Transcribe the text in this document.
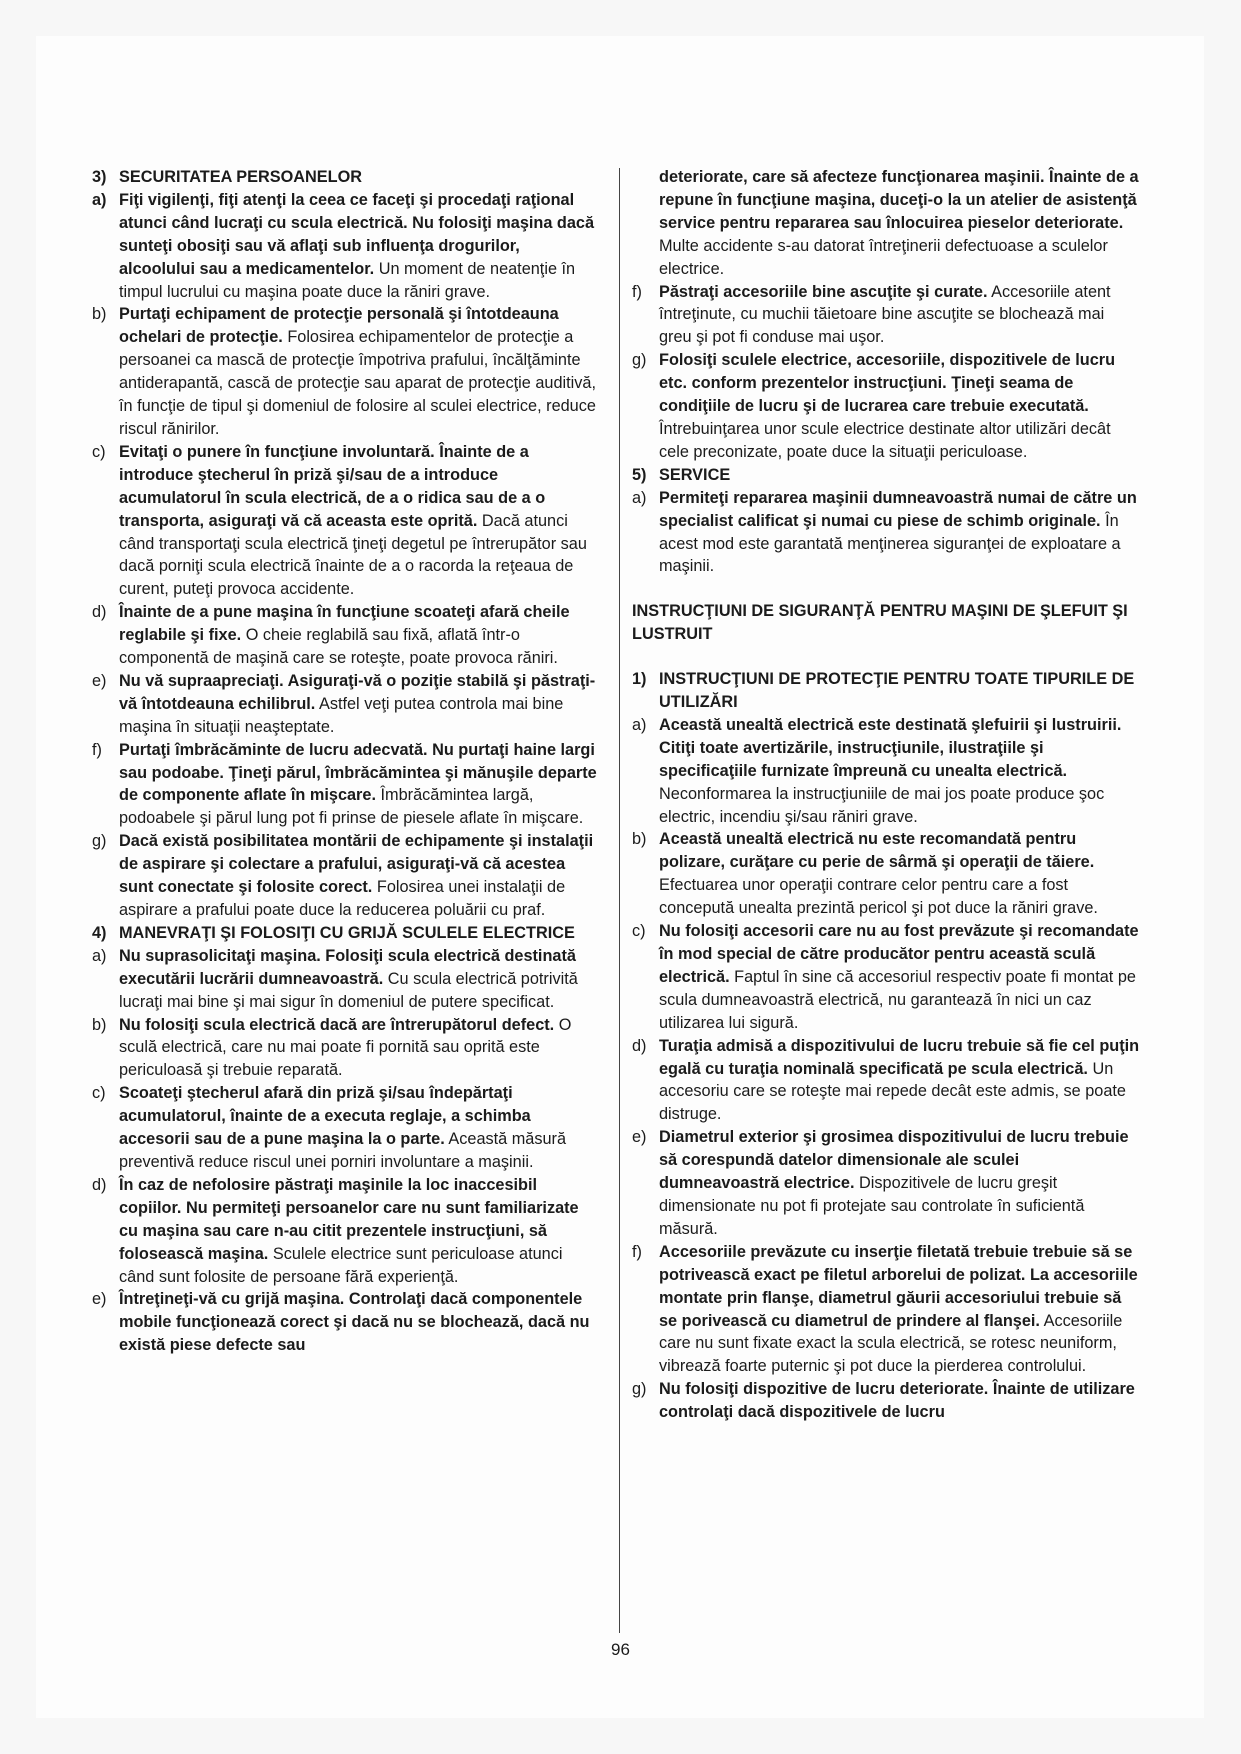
3) SECURITATEA PERSOANELOR
a) Fiţi vigilenţi, fiţi atenţi la ceea ce faceţi şi procedaţi raţional atunci când lucraţi cu scula electrică. Nu folosiţi maşina dacă sunteţi obosiţi sau vă aflaţi sub influenţa drogurilor, alcoolului sau a medicamentelor. Un moment de neatenţie în timpul lucrului cu maşina poate duce la răniri grave.
b) Purtaţi echipament de protecţie personală şi întotdeauna ochelari de protecţie. Folosirea echipamentelor de protecţie a persoanei ca mască de protecţie împotriva prafului, încălţăminte antiderapantă, cască de protecţie sau aparat de protecţie auditivă, în funcţie de tipul şi domeniul de folosire al sculei electrice, reduce riscul rănirilor.
c) Evitaţi o punere în funcţiune involuntară. Înainte de a introduce ştecherul în priză şi/sau de a introduce acumulatorul în scula electrică, de a o ridica sau de a o transporta, asiguraţi vă că aceasta este oprită. Dacă atunci când transportaţi scula electrică ţineţi degetul pe întrerupător sau dacă porniţi scula electrică înainte de a o racorda la reţeaua de curent, puteţi provoca accidente.
d) Înainte de a pune maşina în funcţiune scoateţi afară cheile reglabile şi fixe. O cheie reglabilă sau fixă, aflată într-o componentă de maşină care se roteşte, poate provoca răniri.
e) Nu vă supraapreciaţi. Asiguraţi-vă o poziţie stabilă şi păstraţi-vă întotdeauna echilibrul. Astfel veţi putea controla mai bine maşina în situaţii neaşteptate.
f) Purtaţi îmbrăcăminte de lucru adecvată. Nu purtaţi haine largi sau podoabe. Ţineţi părul, îmbrăcămintea şi mănuşile departe de componente aflate în mişcare. Îmbrăcămintea largă, podoabele şi părul lung pot fi prinse de piesele aflate în mişcare.
g) Dacă există posibilitatea montării de echipamente şi instalaţii de aspirare şi colectare a prafului, asiguraţi-vă că acestea sunt conectate şi folosite corect. Folosirea unei instalaţii de aspirare a prafului poate duce la reducerea poluării cu praf.
4) MANEVRAŢI ŞI FOLOSIŢI CU GRIJĂ SCULELE ELECTRICE
a) Nu suprasolicitaţi maşina. Folosiţi scula electrică destinată executării lucrării dumneavoastră. Cu scula electrică potrivită lucraţi mai bine şi mai sigur în domeniul de putere specificat.
b) Nu folosiţi scula electrică dacă are întrerupătorul defect. O sculă electrică, care nu mai poate fi pornită sau oprită este periculoasă şi trebuie reparată.
c) Scoateţi ştecherul afară din priză şi/sau îndepărtaţi acumulatorul, înainte de a executa reglaje, a schimba accesorii sau de a pune maşina la o parte. Această măsură preventivă reduce riscul unei porniri involuntare a maşinii.
d) În caz de nefolosire păstraţi maşinile la loc inaccesibil copiilor. Nu permiteţi persoanelor care nu sunt familiarizate cu maşina sau care n-au citit prezentele instrucţiuni, să folosească maşina. Sculele electrice sunt periculoase atunci când sunt folosite de persoane fără experienţă.
e) Întreţineţi-vă cu grijă maşina. Controlaţi dacă componentele mobile funcţionează corect şi dacă nu se blochează, dacă nu există piese defecte sau
deteriorate, care să afecteze funcţionarea maşinii. Înainte de a repune în funcţiune maşina, duceţi-o la un atelier de asistenţă service pentru repararea sau înlocuirea pieselor deteriorate. Multe accidente s-au datorat întreţinerii defectuoase a sculelor electrice.
f) Păstraţi accesoriile bine ascuţite şi curate. Accesoriile atent întreţinute, cu muchii tăietoare bine ascuţite se blochează mai greu şi pot fi conduse mai uşor.
g) Folosiţi sculele electrice, accesoriile, dispozitivele de lucru etc. conform prezentelor instrucţiuni. Ţineţi seama de condiţiile de lucru şi de lucrarea care trebuie executată. Întrebuinţarea unor scule electrice destinate altor utilizări decât cele preconizate, poate duce la situaţii periculoase.
5) SERVICE
a) Permiteţi repararea maşinii dumneavoastră numai de către un specialist calificat şi numai cu piese de schimb originale. În acest mod este garantată menţinerea siguranţei de exploatare a maşinii.
INSTRUCŢIUNI DE SIGURANŢĂ PENTRU MAŞINI DE ŞLEFUIT ŞI LUSTRUIT
1) INSTRUCŢIUNI DE PROTECŢIE PENTRU TOATE TIPURILE DE UTILIZĂRI
a) Această unealtă electrică este destinată şlefuirii şi lustruirii. Citiţi toate avertizările, instrucţiunile, ilustraţiile şi specificaţiile furnizate împreună cu unealta electrică. Neconformarea la instrucţiuniile de mai jos poate produce şoc electric, incendiu şi/sau răniri grave.
b) Această unealtă electrică nu este recomandată pentru polizare, curăţare cu perie de sârmă şi operaţii de tăiere. Efectuarea unor operaţii contrare celor pentru care a fost concepută unealta prezintă pericol şi pot duce la răniri grave.
c) Nu folosiţi accesorii care nu au fost prevăzute şi recomandate în mod special de către producător pentru această sculă electrică. Faptul în sine că accesoriul respectiv poate fi montat pe scula dumneavoastră electrică, nu garantează în nici un caz utilizarea lui sigură.
d) Turaţia admisă a dispozitivului de lucru trebuie să fie cel puţin egală cu turaţia nominală specificată pe scula electrică. Un accesoriu care se roteşte mai repede decât este admis, se poate distruge.
e) Diametrul exterior şi grosimea dispozitivului de lucru trebuie să corespundă datelor dimensionale ale sculei dumneavoastră electrice. Dispozitivele de lucru greşit dimensionate nu pot fi protejate sau controlate în suficientă măsură.
f) Accesoriile prevăzute cu inserţie filetată trebuie trebuie să se potrivească exact pe filetul arborelui de polizat. La accesoriile montate prin flanşe, diametrul găurii accesoriului trebuie să se porivească cu diametrul de prindere al flanşei. Accesoriile care nu sunt fixate exact la scula electrică, se rotesc neuniform, vibrează foarte puternic şi pot duce la pierderea controlului.
g) Nu folosiţi dispozitive de lucru deteriorate. Înainte de utilizare controlaţi dacă dispozitivele de lucru
96
